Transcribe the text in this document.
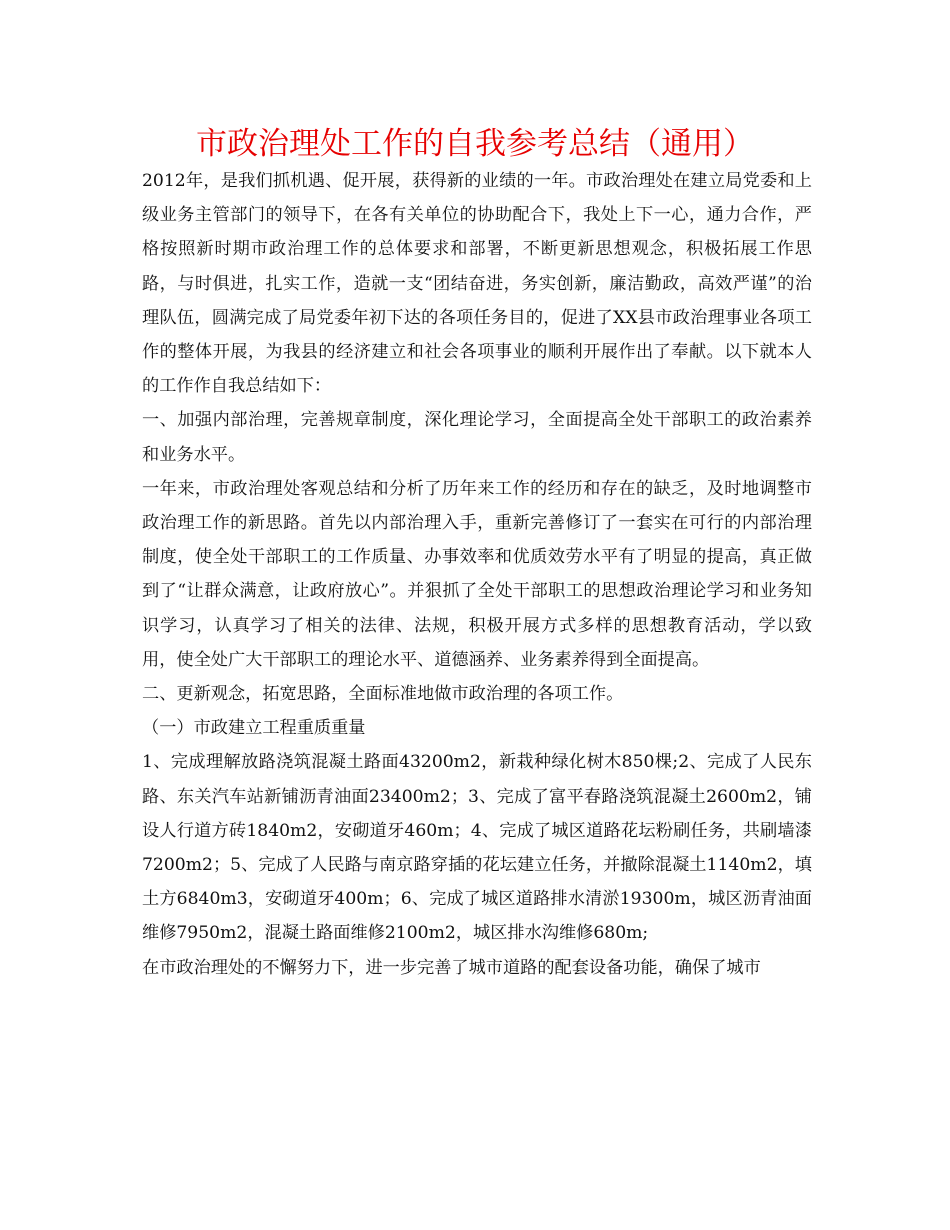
市政治理处工作的自我参考总结（通用）

2012年，是我们抓机遇、促开展，获得新的业绩的一年。市政治理处在建立局党委和上级业务主管部门的领导下，在各有关单位的协助配合下，我处上下一心，通力合作，严格按照新时期市政治理工作的总体要求和部署，不断更新思想观念，积极拓展工作思路，与时俱进，扎实工作，造就一支“团结奋进，务实创新，廉洁勤政，高效严谨”的治理队伍，圆满完成了局党委年初下达的各项任务目的，促进了XX县市政治理事业各项工作的整体开展，为我县的经济建立和社会各项事业的顺利开展作出了奉献。以下就本人的工作作自我总结如下：

一、加强内部治理，完善规章制度，深化理论学习，全面提高全处干部职工的政治素养和业务水平。

一年来，市政治理处客观总结和分析了历年来工作的经历和存在的缺乏，及时地调整市政治理工作的新思路。首先以内部治理入手，重新完善修订了一套实在可行的内部治理制度，使全处干部职工的工作质量、办事效率和优质效劳水平有了明显的提高，真正做到了“让群众满意，让政府放心”。并狠抓了全处干部职工的思想政治理论学习和业务知识学习，认真学习了相关的法律、法规，积极开展方式多样的思想教育活动，学以致用，使全处广大干部职工的理论水平、道德涵养、业务素养得到全面提高。

二、更新观念，拓宽思路，全面标准地做市政治理的各项工作。

（一）市政建立工程重质重量

1、完成理解放路浇筑混凝土路面43200m2，新栽种绿化树木850棵;2、完成了人民东路、东关汽车站新铺沥青油面23400m2；3、完成了富平春路浇筑混凝土2600m2，铺设人行道方砖1840m2，安砌道牙460m；4、完成了城区道路花坛粉刷任务，共刷墙漆7200m2；5、完成了人民路与南京路穿插的花坛建立任务，并撤除混凝土1140m2，填土方6840m3，安砌道牙400m；6、完成了城区道路排水清淤19300m，城区沥青油面维修7950m2，混凝土路面维修2100m2，城区排水沟维修680m;

在市政治理处的不懈努力下，进一步完善了城市道路的配套设备功能，确保了城市
